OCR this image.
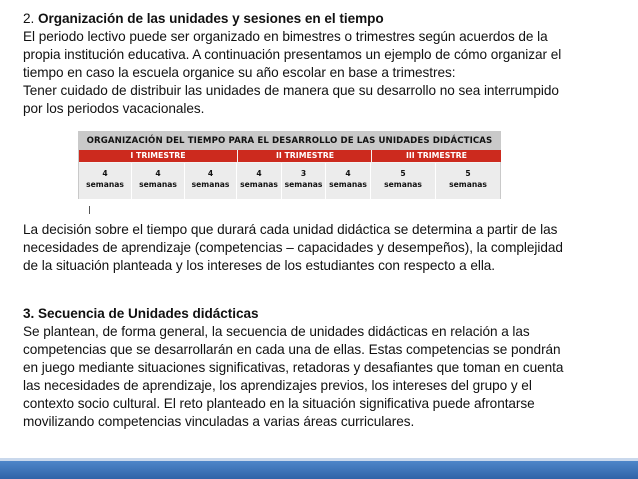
2. Organización de las unidades y sesiones en el tiempo

El periodo lectivo puede ser organizado en bimestres o trimestres según acuerdos de la
propia institución educativa. A continuación presentamos un ejemplo de cómo organizar el
tiempo en caso la escuela organice su año escolar en base a trimestres:
Tener cuidado de distribuir las unidades de manera que su desarrollo no sea interrumpido
por los periodos vacacionales.
ORGANIZACIÓN DEL TIEMPO PARA EL DESARROLLO DE LAS UNIDADES DIDÁCTICAS
I TRIMESTRE	II TRIMESTRE	III TRIMESTRE
4
semanas
4
semanas
4
semanas
4
semanas
3
semanas
4
semanas
5
semanas
5
semanas
La decisión sobre el tiempo que durará cada unidad didáctica se determina a partir de las
necesidades de aprendizaje (competencias – capacidades y desempeños), la complejidad
de la situación planteada y los intereses de los estudiantes con respecto a ella.

3. Secuencia de Unidades didácticas

Se plantean, de forma general, la secuencia de unidades didácticas en relación a las
competencias que se desarrollarán en cada una de ellas. Estas competencias se pondrán
en juego mediante situaciones significativas, retadoras y desafiantes que toman en cuenta
las necesidades de aprendizaje, los aprendizajes previos, los intereses del grupo y el
contexto socio cultural. El reto planteado en la situación significativa puede afrontarse
movilizando competencias vinculadas a varias áreas curriculares.
